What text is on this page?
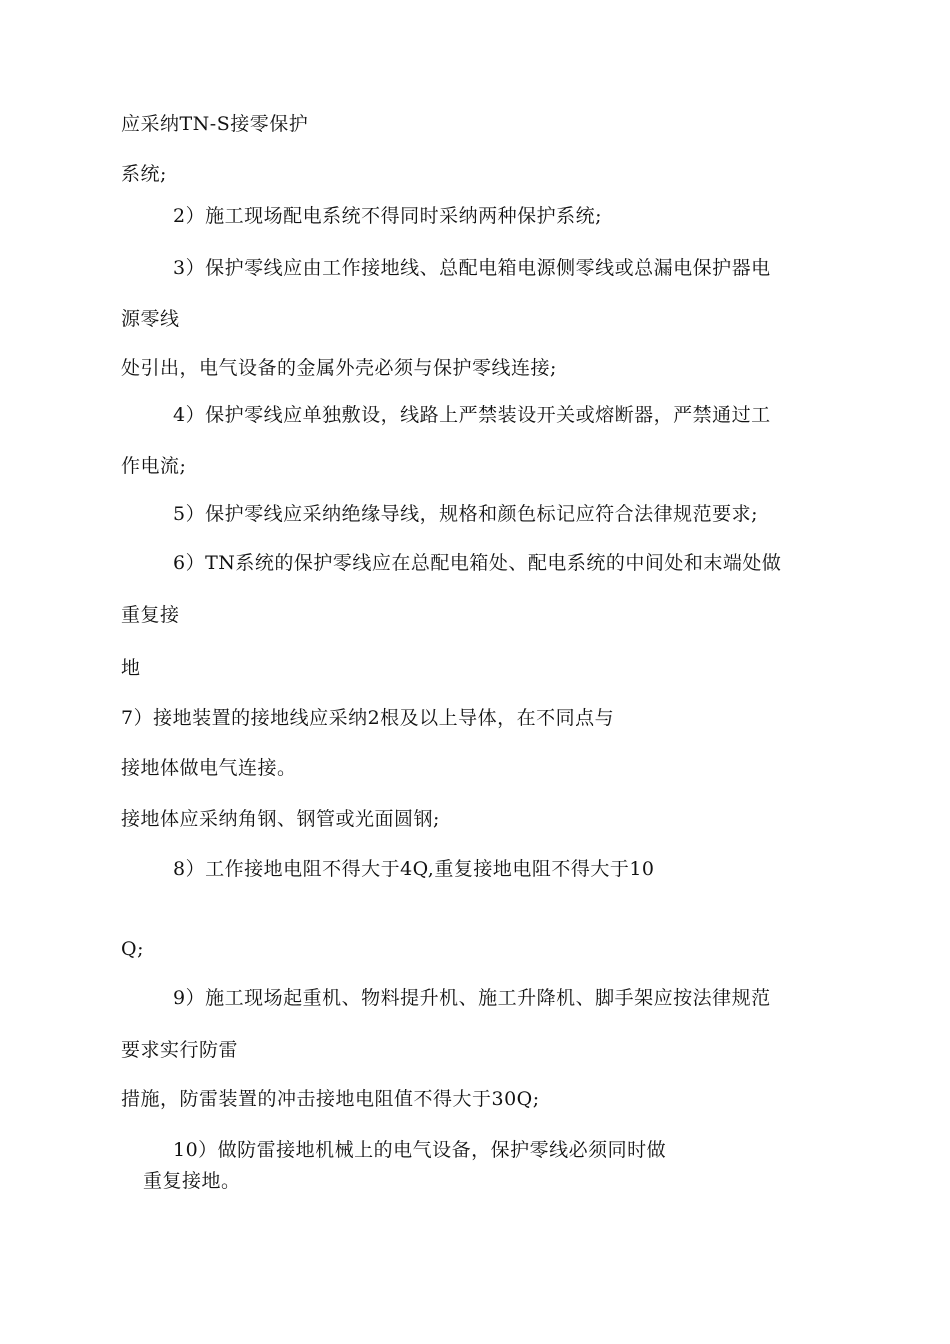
应采纳TN-S接零保护
系统;
2）施工现场配电系统不得同时采纳两种保护系统;
3）保护零线应由工作接地线、总配电箱电源侧零线或总漏电保护器电
源零线
处引出，电气设备的金属外壳必须与保护零线连接;
4）保护零线应单独敷设，线路上严禁装设开关或熔断器，严禁通过工
作电流;
5）保护零线应采纳绝缘导线，规格和颜色标记应符合法律规范要求;
6）TN系统的保护零线应在总配电箱处、配电系统的中间处和末端处做
重复接
地
7）接地装置的接地线应采纳2根及以上导体，在不同点与
接地体做电气连接。
接地体应采纳角钢、钢管或光面圆钢;
8）工作接地电阻不得大于4Q,重复接地电阻不得大于10
Q;
9）施工现场起重机、物料提升机、施工升降机、脚手架应按法律规范
要求实行防雷
措施，防雷装置的冲击接地电阻值不得大于30Q;
10）做防雷接地机械上的电气设备，保护零线必须同时做
重复接地。
